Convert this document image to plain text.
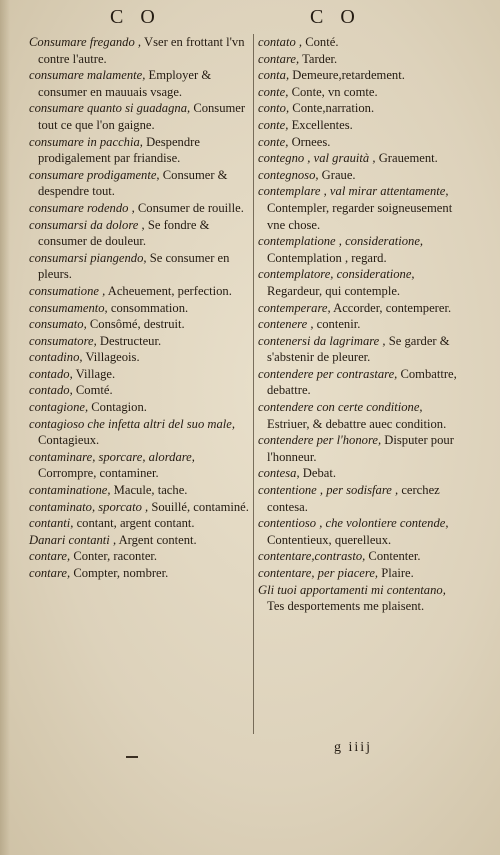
C O	C O
Consumare fregando , Vser en frottant l'vn contre l'autre.
consumare malamente, Employer & consumer en mauuais vsage.
consumare quanto si guadagna, Consumer tout ce que l'on gaigne.
consumare in pacchia, Despendre prodigalement par friandise.
consumare prodigamente, Consumer & despendre tout.
consumare rodendo , Consumer de rouille.
consumarsi da dolore , Se fondre & consumer de douleur.
consumarsi piangendo, Se consumer en pleurs.
consumatione , Acheuement, perfection.
consumamento, consommation.
consumato, Consômé, destruit.
consumatore, Destructeur.
contadino, Villageois.
contado, Village.
contado, Comté.
contagione, Contagion.
contagioso che infetta altri del suo male, Contagieux.
contaminare, sporcare, alordare, Corrompre, contaminer.
contaminatione, Macule, tache.
contaminato, sporcato , Souillé, contaminé.
contanti, contant, argent contant.
Danari contanti , Argent content.
contare, Conter, raconter.
contare, Compter, nombrer.
contato , Conté.
contare, Tarder.
conta, Demeure,retardement.
conte, Conte, vn comte.
conto, Conte,narration.
conte, Excellentes.
conte, Ornees.
contegno , val grauità , Grauement.
contegnoso, Graue.
contemplare , val mirar attentamente, Contempler, regarder soigneusement vne chose.
contemplatione , consideratione, Contemplation , regard.
contemplatore, consideratione, Regardeur, qui contemple.
contemperare, Accorder, contemperer.
contenere , contenir.
contenersi da lagrimare , Se garder & s'abstenir de pleurer.
contendere per contrastare, Combattre, debattre.
contendere con certe conditione, Estriuer, & debattre auec condition.
contendere per l'honore, Disputer pour l'honneur.
contesa, Debat.
contentione , per sodisfare , cerchez contesa.
contentioso , che volontiere contende, Contentieux, querelleux.
contentare,contrasto, Contenter.
contentare, per piacere, Plaire.
Gli tuoi apportamenti mi contentano, Tes desportements me plaisent.
g iiij
